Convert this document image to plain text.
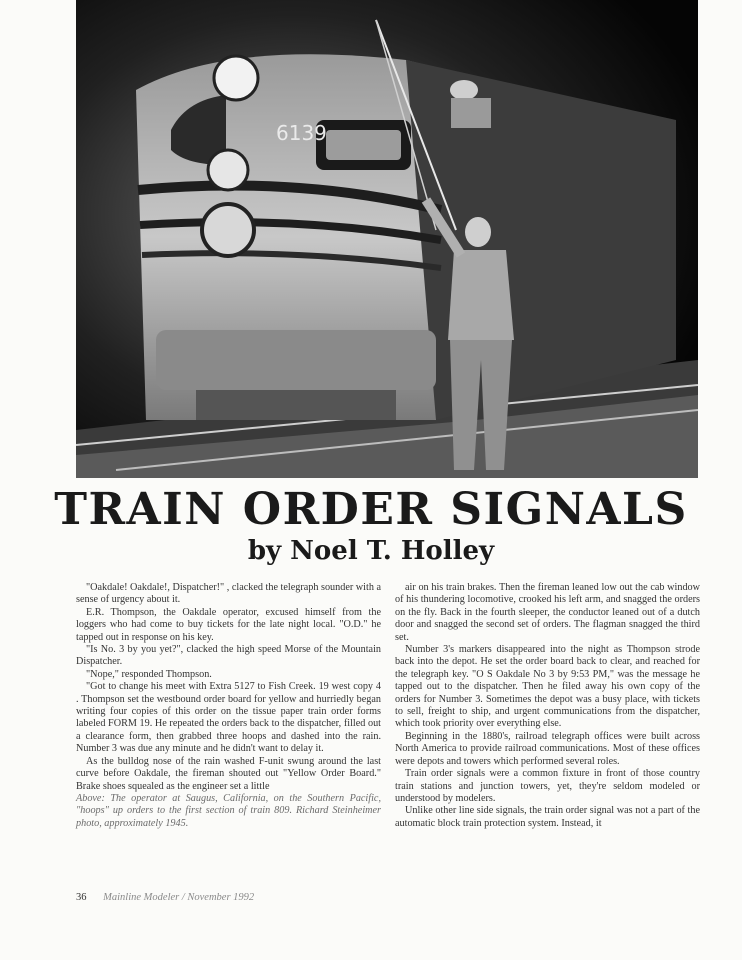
6139
TRAIN ORDER SIGNALS
by Noel T. Holley

"Oakdale! Oakdale!, Dispatcher!" , clacked the telegraph sounder with a sense of urgency about it.

E.R. Thompson, the Oakdale operator, excused himself from the loggers who had come to buy tickets for the late night local. "O.D." he tapped out in response on his key.

"Is No. 3 by you yet?", clacked the high speed Morse of the Mountain Dispatcher.

"Nope," responded Thompson.

"Got to change his meet with Extra 5127 to Fish Creek. 19 west copy 4 . Thompson set the westbound order board for yellow and hurriedly began writing four copies of this order on the tissue paper train order forms labeled FORM 19. He repeated the orders back to the dispatcher, filled out a clearance form, then grabbed three hoops and dashed into the rain. Number 3 was due any minute and he didn't want to delay it.

As the bulldog nose of the rain washed F-unit swung around the last curve before Oakdale, the fireman shouted out "Yellow Order Board." Brake shoes squealed as the engineer set a little

Above: The operator at Saugus, California, on the Southern Pacific, "hoops" up orders to the first section of train 809. Richard Steinheimer photo, approximately 1945.

air on his train brakes. Then the fireman leaned low out the cab window of his thundering locomotive, crooked his left arm, and snagged the orders on the fly. Back in the fourth sleeper, the conductor leaned out of a dutch door and snagged the second set of orders. The flagman snagged the third set.

Number 3's markers disappeared into the night as Thompson strode back into the depot. He set the order board back to clear, and reached for the telegraph key. "O S Oakdale No 3 by 9:53 PM," was the message he tapped out to the dispatcher. Then he filed away his own copy of the orders for Number 3. Sometimes the depot was a busy place, with tickets to sell, freight to ship, and urgent communications from the dispatcher, which took priority over everything else.

Beginning in the 1880's, railroad telegraph offices were built across North America to provide railroad communications. Most of these offices were depots and towers which performed several roles.

Train order signals were a common fixture in front of those country train stations and junction towers, yet, they're seldom modeled or understood by modelers.

Unlike other line side signals, the train order signal was not a part of the automatic block train protection system. Instead, it

36 Mainline Modeler / November 1992
